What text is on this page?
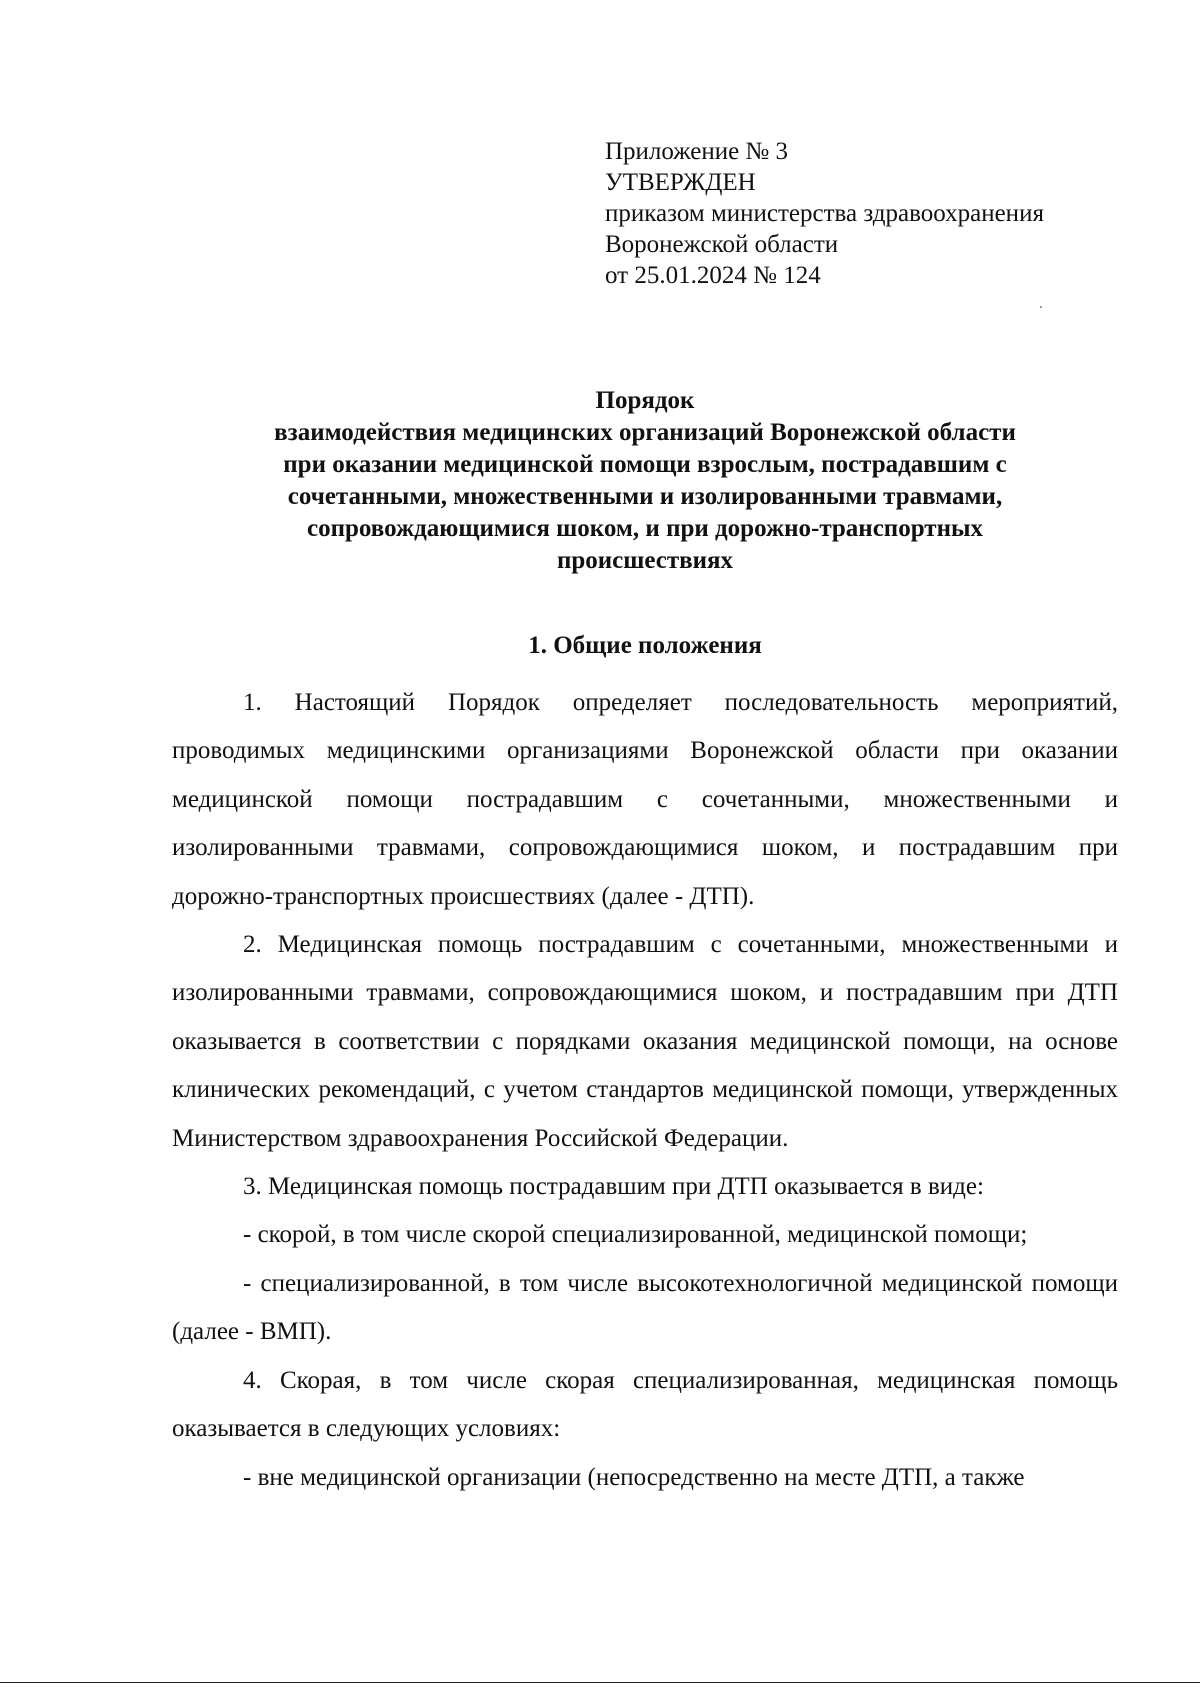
Приложение № 3

УТВЕРЖДЕН

приказом министерства здравоохранения

Воронежской области

от 25.01.2024 № 124

Порядок
взаимодействия медицинских организаций Воронежской области
при оказании медицинской помощи взрослым, пострадавшим с
сочетанными, множественными и изолированными травмами,
сопровождающимися шоком, и при дорожно-транспортных
происшествиях
1. Общие положения

1. Настоящий Порядок определяет последовательность мероприятий, проводимых медицинскими организациями Воронежской области при оказании медицинской помощи пострадавшим с сочетанными, множественными и изолированными травмами, сопровождающимися шоком, и пострадавшим при дорожно-транспортных происшествиях (далее - ДТП).

2. Медицинская помощь пострадавшим с сочетанными, множественными и изолированными травмами, сопровождающимися шоком, и пострадавшим при ДТП оказывается в соответствии с порядками оказания медицинской помощи, на основе клинических рекомендаций, с учетом стандартов медицинской помощи, утвержденных Министерством здравоохранения Российской Федерации.

3. Медицинская помощь пострадавшим при ДТП оказывается в виде:

- скорой, в том числе скорой специализированной, медицинской помощи;

- специализированной, в том числе высокотехнологичной медицинской помощи (далее - ВМП).

4. Скорая, в том числе скорая специализированная, медицинская помощь оказывается в следующих условиях:

- вне медицинской организации (непосредственно на месте ДТП, а также
